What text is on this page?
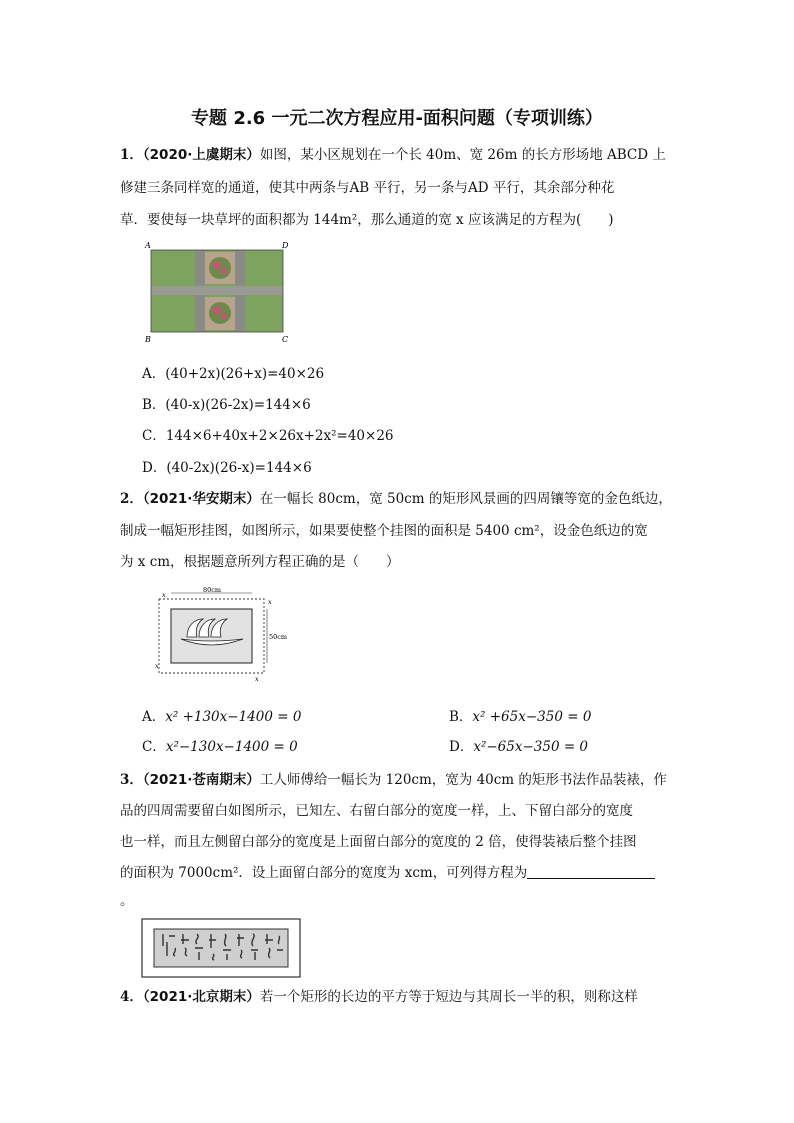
专题 2.6 一元二次方程应用-面积问题（专项训练）
1．（2020·上虞期末）如图，某小区规划在一个长 40m、宽 26m 的长方形场地 ABCD 上
修建三条同样宽的通道，使其中两条与AB 平行，另一条与AD 平行，其余部分种花
草．要使每一块草坪的面积都为 144m²，那么通道的宽 x 应该满足的方程为(　　)
A	D
B	C
A．(40+2x)(26+x)=40×26
B．(40-x)(26-2x)=144×6
C．144×6+40x+2×26x+2x²=40×26
D．(40-2x)(26-x)=144×6
2．（2021·华安期末）在一幅长 80cm，宽 50cm 的矩形风景画的四周镶等宽的金色纸边，
制成一幅矩形挂图，如图所示，如果要使整个挂图的面积是 5400 cm²，设金色纸边的宽
为 x cm，根据题意所列方程正确的是（　　）
80cm
50cm
x
x
x
x
A．x² +130x−1400 = 0	B．x² +65x−350 = 0
C．x²−130x−1400 = 0	D．x²−65x−350 = 0
3．（2021·苍南期末）工人师傅给一幅长为 120cm，宽为 40cm 的矩形书法作品装裱，作
品的四周需要留白如图所示，已知左、右留白部分的宽度一样，上、下留白部分的宽度
也一样，而且左侧留白部分的宽度是上面留白部分的宽度的 2 倍，使得装裱后整个挂图
的面积为 7000cm²．设上面留白部分的宽度为 xcm，可列得方程为
。
4．（2021·北京期末）若一个矩形的长边的平方等于短边与其周长一半的积，则称这样
